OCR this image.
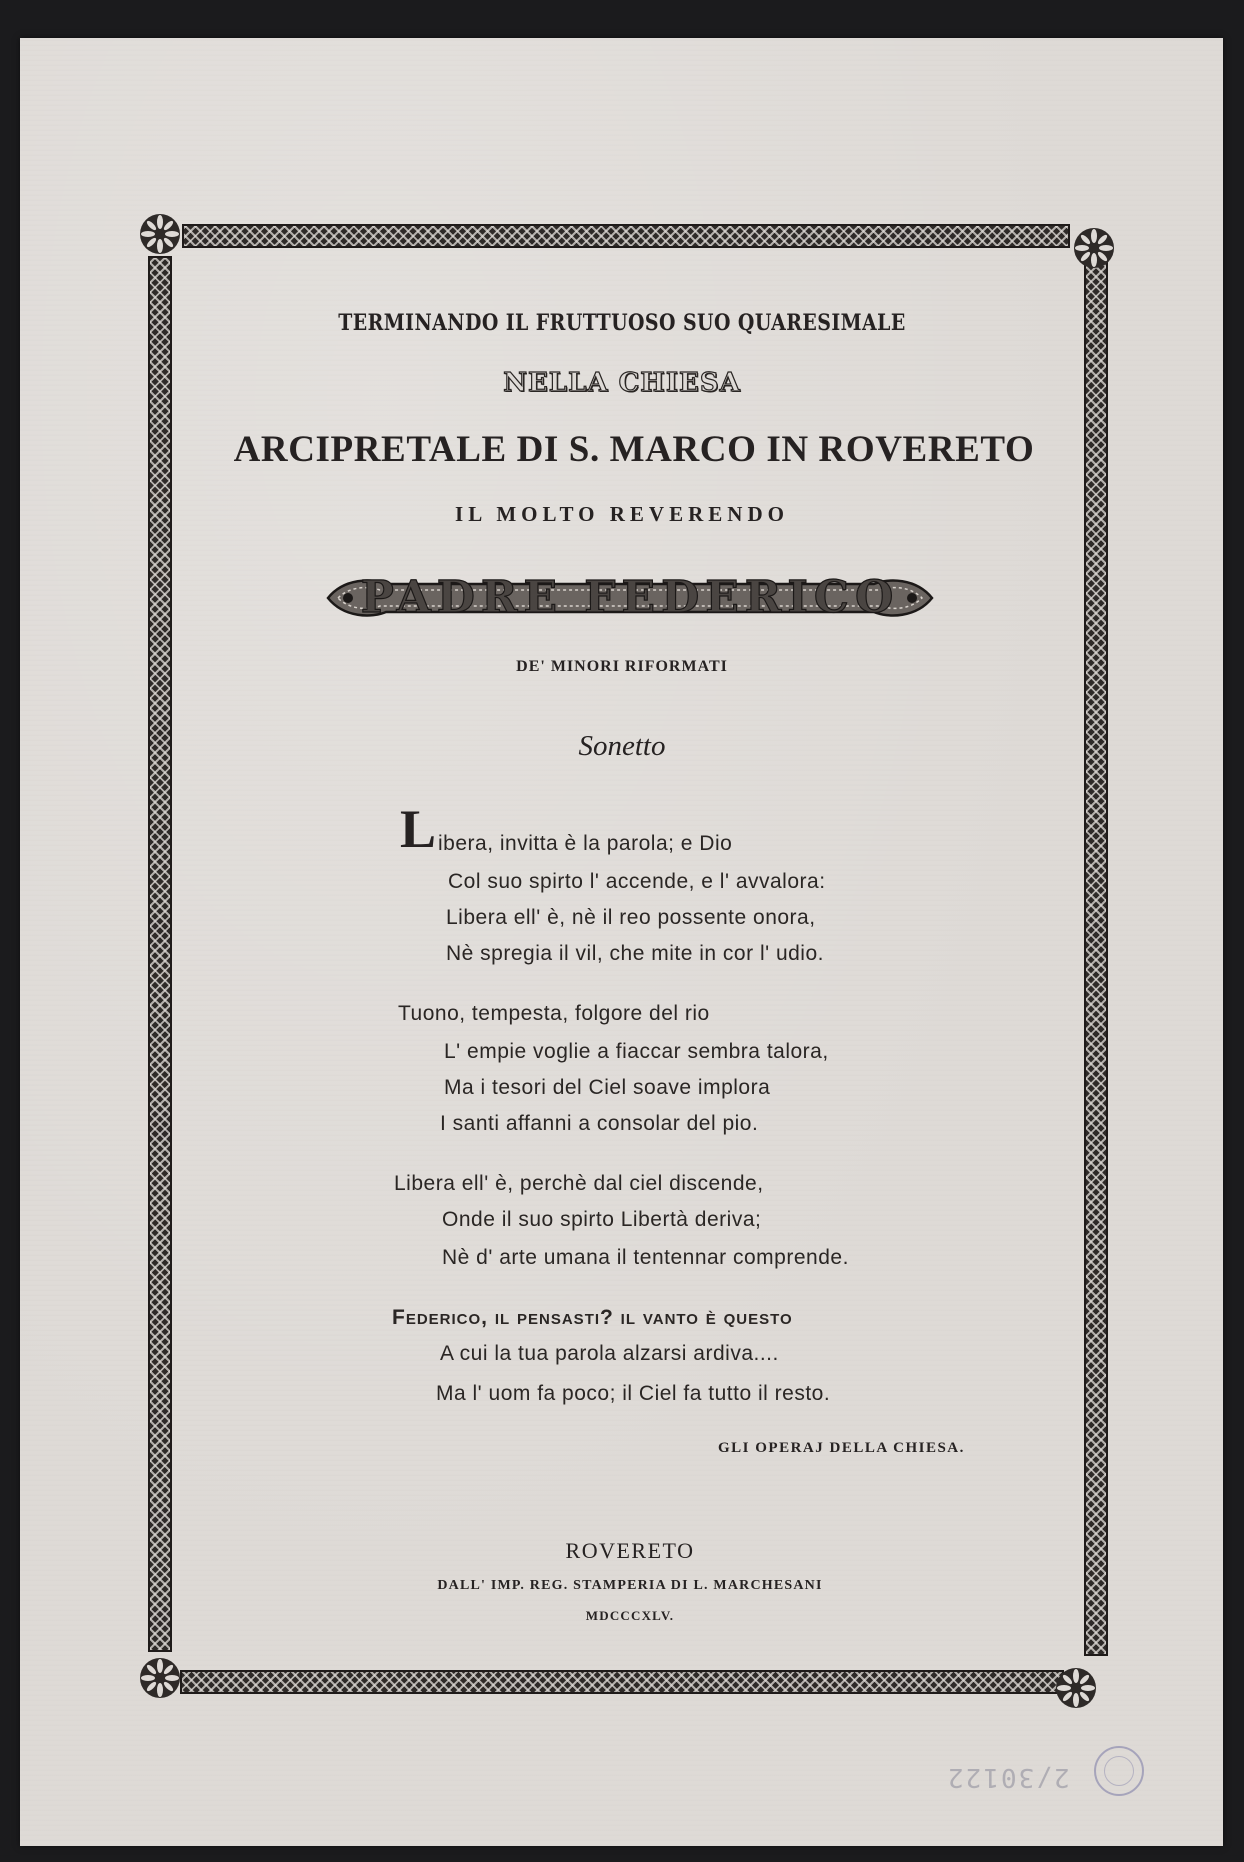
TERMINANDO IL FRUTTUOSO SUO QUARESIMALE
NELLA CHIESA
ARCIPRETALE DI S. MARCO IN ROVERETO
IL MOLTO REVERENDO
PADRE FEDERICO
DE' MINORI RIFORMATI
Sonetto
L ibera, invitta è la parola; e Dio
Col suo spirto l' accende, e l' avvalora:
Libera ell' è, nè il reo possente onora,
Nè spregia il vil, che mite in cor l' udio.
Tuono, tempesta, folgore del rio
L' empie voglie a fiaccar sembra talora,
Ma i tesori del Ciel soave implora
I santi affanni a consolar del pio.
Libera ell' è, perchè dal ciel discende,
Onde il suo spirto Libertà deriva;
Nè d' arte umana il tentennar comprende.
Federico, il pensasti? il vanto è questo
A cui la tua parola alzarsi ardiva....
Ma l' uom fa poco; il Ciel fa tutto il resto.
GLI OPERAJ DELLA CHIESA.
ROVERETO
DALL' IMP. REG. STAMPERIA DI L. MARCHESANI
MDCCCXLV.
2/30122
